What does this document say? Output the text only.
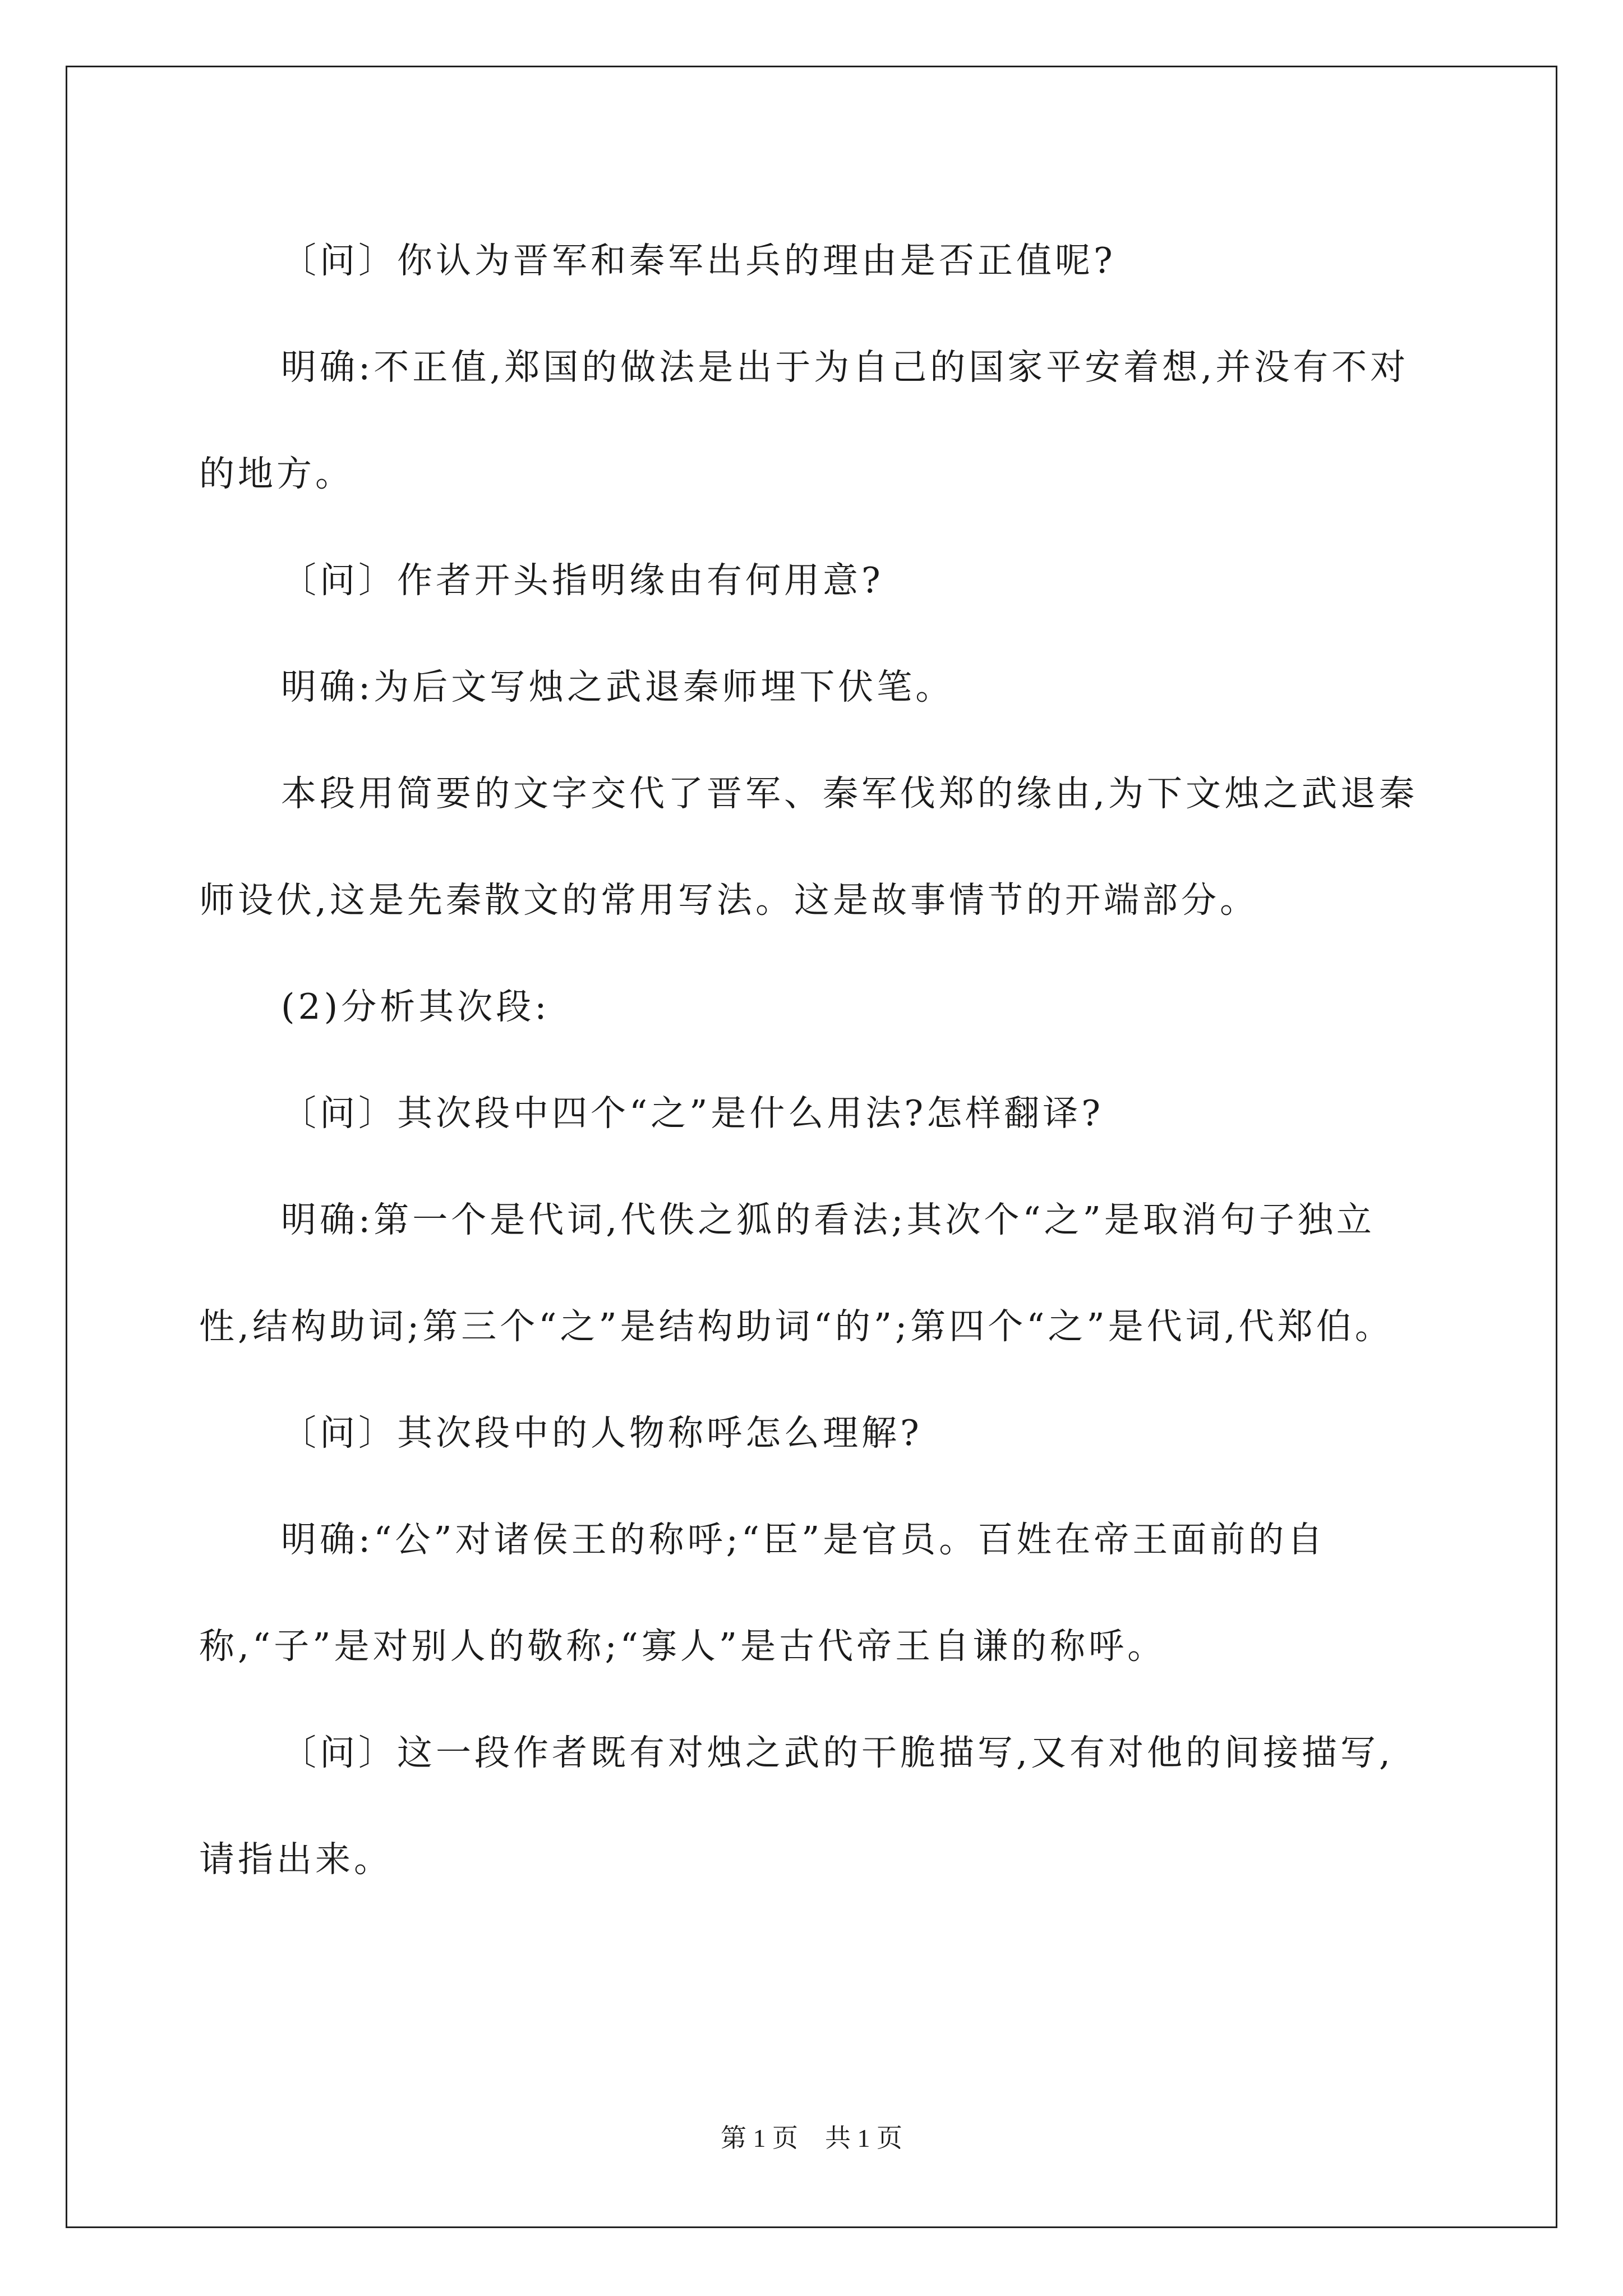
〔问〕你认为晋军和秦军出兵的理由是否正值呢?

明确:不正值,郑国的做法是出于为自己的国家平安着想,并没有不对的地方。

〔问〕作者开头指明缘由有何用意?

明确:为后文写烛之武退秦师埋下伏笔。

本段用简要的文字交代了晋军、秦军伐郑的缘由,为下文烛之武退秦师设伏,这是先秦散文的常用写法。这是故事情节的开端部分。

(2)分析其次段:

〔问〕其次段中四个“之”是什么用法?怎样翻译?

明确:第一个是代词,代佚之狐的看法;其次个“之”是取消句子独立性,结构助词;第三个“之”是结构助词“的”;第四个“之”是代词,代郑伯。

〔问〕其次段中的人物称呼怎么理解?

明确:“公”对诸侯王的称呼;“臣”是官员。百姓在帝王面前的自称,“子”是对别人的敬称;“寡人”是古代帝王自谦的称呼。

〔问〕这一段作者既有对烛之武的干脆描写,又有对他的间接描写,请指出来。

第 1 页 共 1 页
